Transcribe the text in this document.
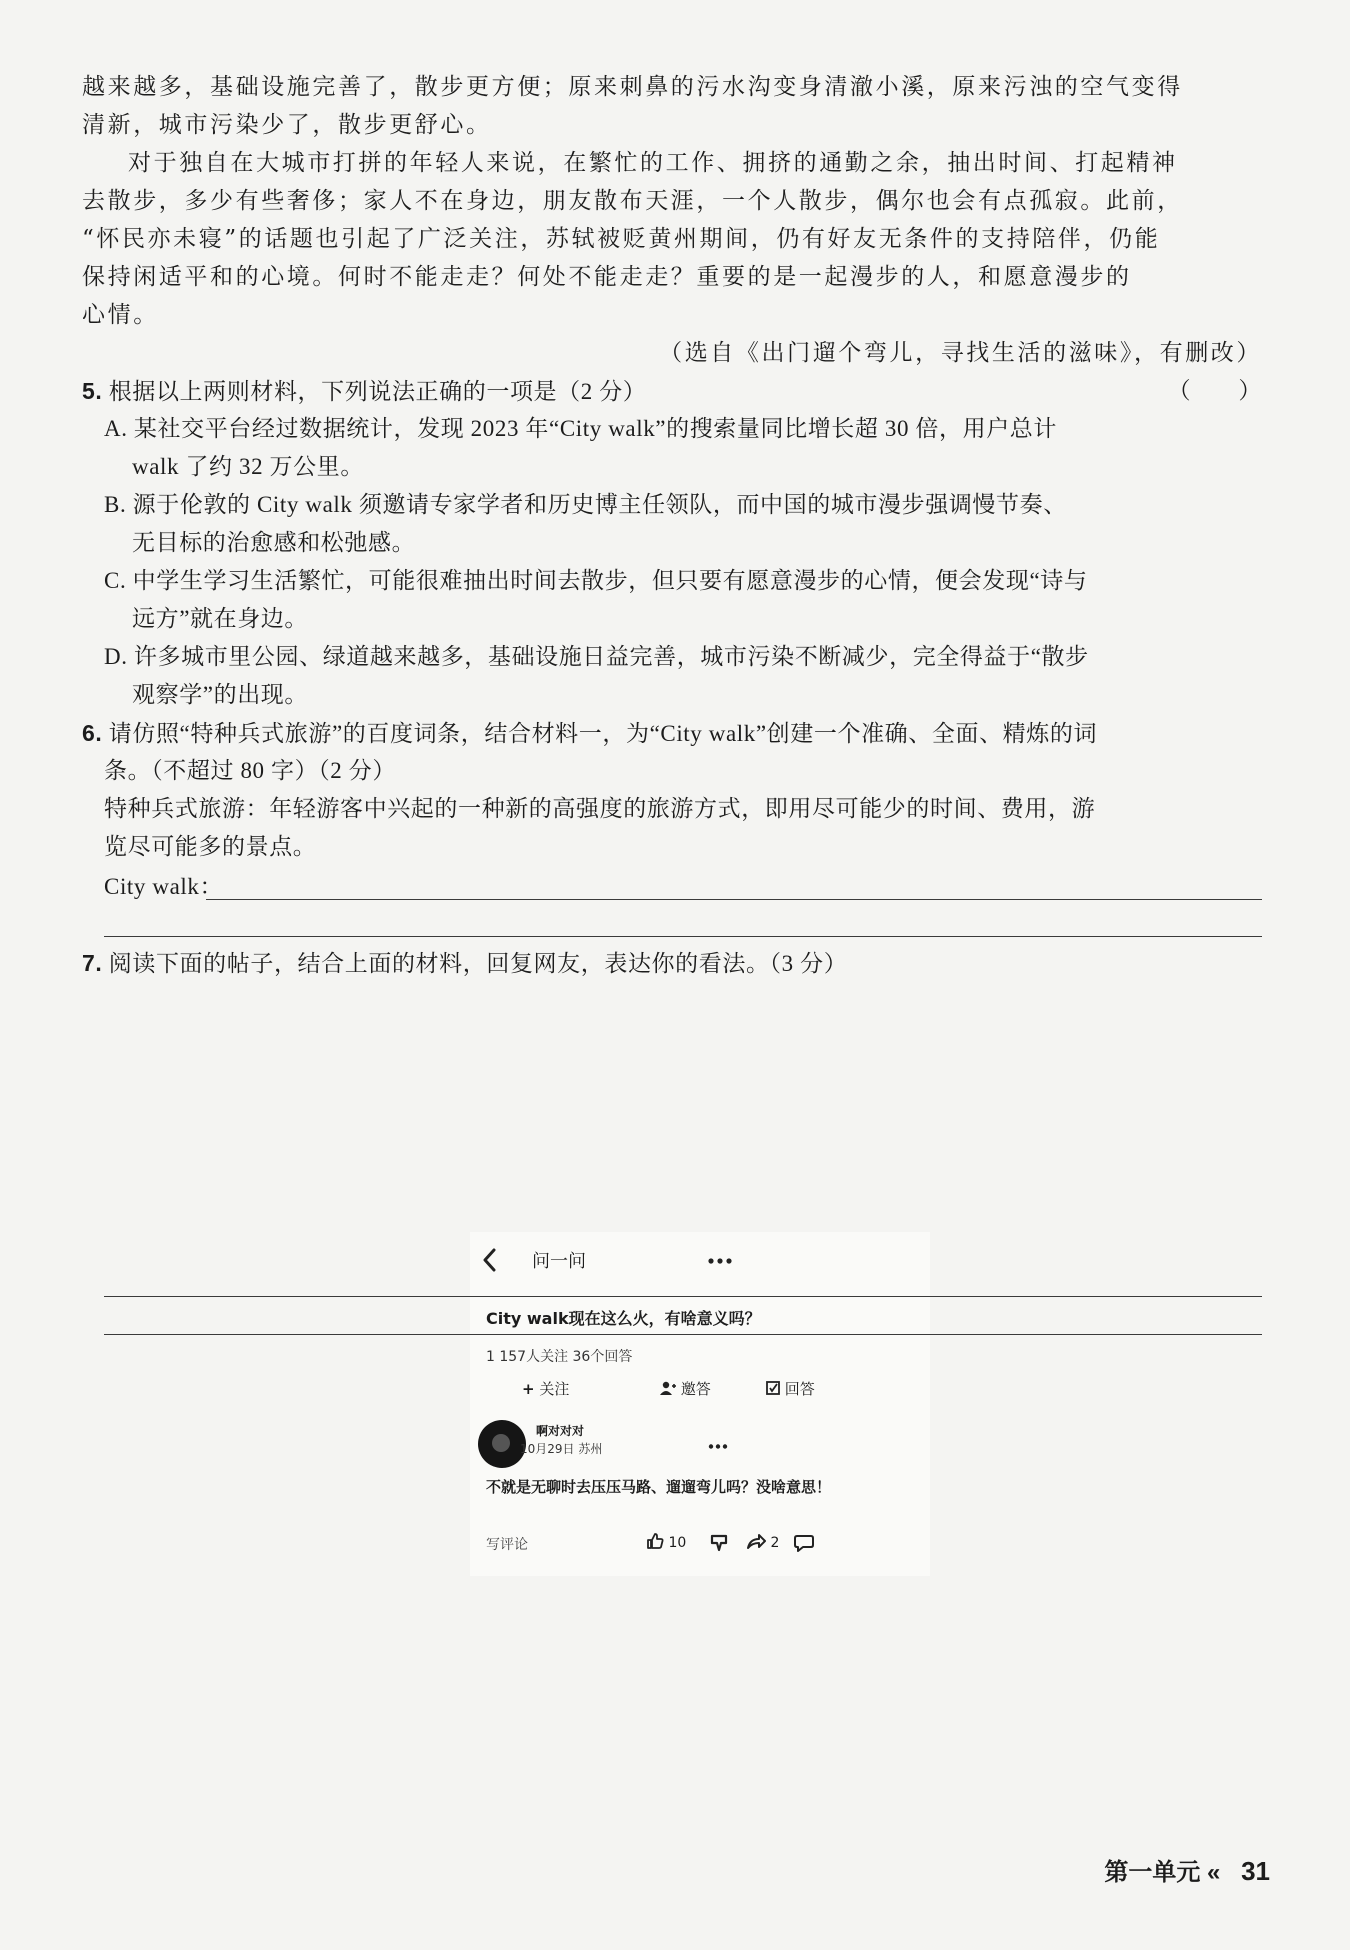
越来越多，基础设施完善了，散步更方便；原来刺鼻的污水沟变身清澈小溪，原来污浊的空气变得
清新，城市污染少了，散步更舒心。
对于独自在大城市打拼的年轻人来说，在繁忙的工作、拥挤的通勤之余，抽出时间、打起精神
去散步，多少有些奢侈；家人不在身边，朋友散布天涯，一个人散步，偶尔也会有点孤寂。此前，
“怀民亦未寝”的话题也引起了广泛关注，苏轼被贬黄州期间，仍有好友无条件的支持陪伴，仍能
保持闲适平和的心境。何时不能走走？何处不能走走？重要的是一起漫步的人，和愿意漫步的
心情。
（选自《出门遛个弯儿，寻找生活的滋味》，有删改）
5. 根据以上两则材料，下列说法正确的一项是（2 分）	（　　）
A. 某社交平台经过数据统计，发现 2023 年“City walk”的搜索量同比增长超 30 倍，用户总计
walk 了约 32 万公里。
B. 源于伦敦的 City walk 须邀请专家学者和历史博主任领队，而中国的城市漫步强调慢节奏、
无目标的治愈感和松弛感。
C. 中学生学习生活繁忙，可能很难抽出时间去散步，但只要有愿意漫步的心情，便会发现“诗与
远方”就在身边。
D. 许多城市里公园、绿道越来越多，基础设施日益完善，城市污染不断减少，完全得益于“散步
观察学”的出现。
6. 请仿照“特种兵式旅游”的百度词条，结合材料一，为“City walk”创建一个准确、全面、精炼的词
条。（不超过 80 字）（2 分）
特种兵式旅游：年轻游客中兴起的一种新的高强度的旅游方式，即用尽可能少的时间、费用，游
览尽可能多的景点。
City walk：
7. 阅读下面的帖子，结合上面的材料，回复网友，表达你的看法。（3 分）
问一问
City walk现在这么火，有啥意义吗？
1 157人关注 36个回答
+ 关注	邀答	回答
啊对对对
10月29日 苏州
不就是无聊时去压压马路、遛遛弯儿吗？没啥意思！
写评论	10	2
第一单元 « 31
